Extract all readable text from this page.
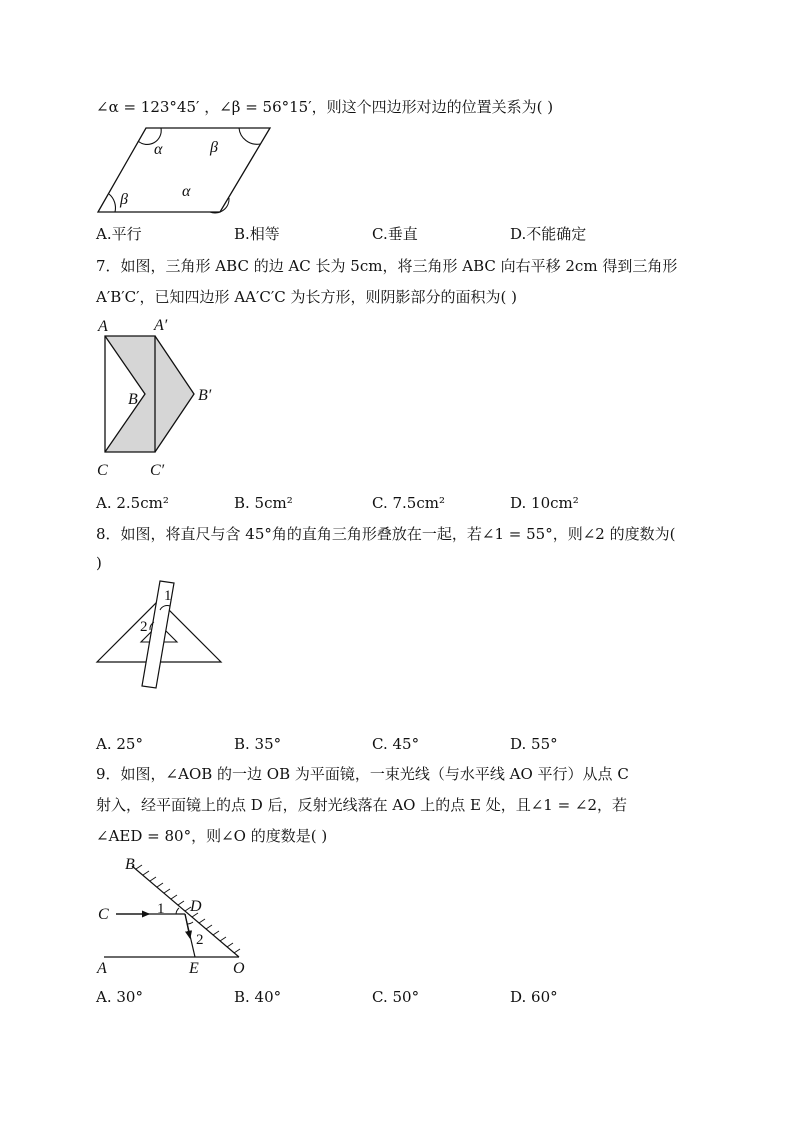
∠α = 123°45′ ，∠β = 56°15′，则这个四边形对边的位置关系为( )
α	β
β	α
A.平行	B.相等	C.垂直	D.不能确定
7．如图，三角形 ABC 的边 AC 长为 5cm，将三角形 ABC 向右平移 2cm 得到三角形
A′B′C′，已知四边形 AA′C′C 为长方形，则阴影部分的面积为( )
A	A′
B	B′
C	C′
A. 2.5cm²	B. 5cm²	C. 7.5cm²	D. 10cm²
8．如图，将直尺与含 45°角的直角三角形叠放在一起，若∠1 = 55°，则∠2 的度数为(
)
1
2
A. 25°	B. 35°	C. 45°	D. 55°
9．如图，∠AOB 的一边 OB 为平面镜，一束光线（与水平线 AO 平行）从点 C
射入，经平面镜上的点 D 后，反射光线落在 AO 上的点 E 处，且∠1 = ∠2，若
∠AED = 80°，则∠O 的度数是( )
B
C	1 D
2
A	E O
A. 30°	B. 40°	C. 50°	D. 60°
